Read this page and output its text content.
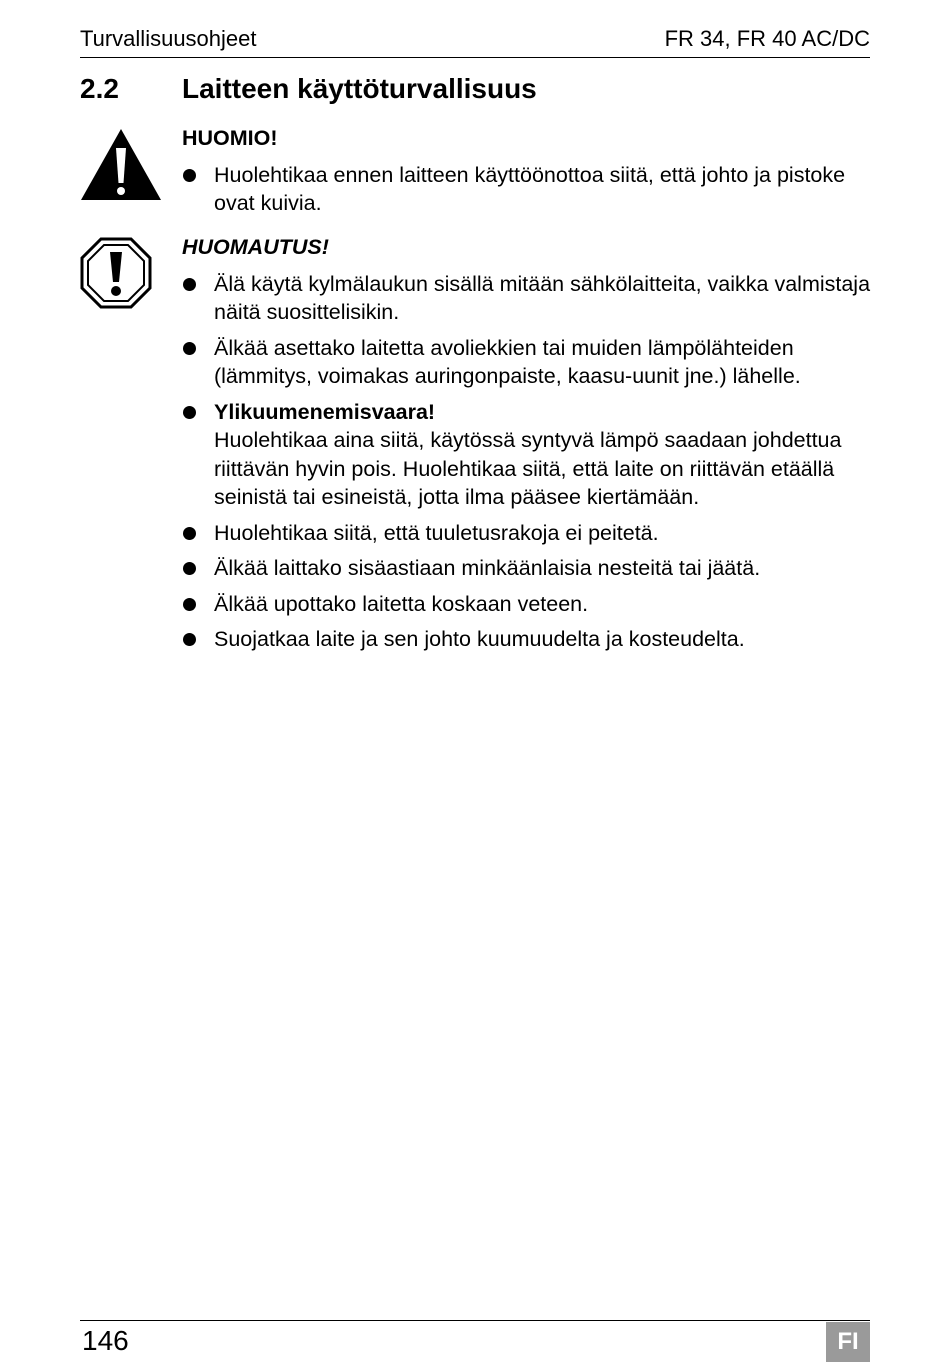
Turvallisuusohjeet	FR 34, FR 40 AC/DC
2.2 Laitteen käyttöturvallisuus
HUOMIO!
Huolehtikaa ennen laitteen käyttöönottoa siitä, että johto ja pistoke ovat kuivia.
HUOMAUTUS!
Älä käytä kylmälaukun sisällä mitään sähkölaitteita, vaikka valmistaja näitä suosittelisikin.
Älkää asettako laitetta avoliekkien tai muiden lämpölähteiden (lämmitys, voimakas auringonpaiste, kaasu-uunit jne.) lähelle.
Ylikuumenemisvaara!
Huolehtikaa aina siitä, käytössä syntyvä lämpö saadaan johdettua riittävän hyvin pois. Huolehtikaa siitä, että laite on riittävän etäällä seinistä tai esineistä, jotta ilma pääsee kiertämään.
Huolehtikaa siitä, että tuuletusrakoja ei peitetä.
Älkää laittako sisäastiaan minkäänlaisia nesteitä tai jäätä.
Älkää upottako laitetta koskaan veteen.
Suojatkaa laite ja sen johto kuumuudelta ja kosteudelta.
146	FI
